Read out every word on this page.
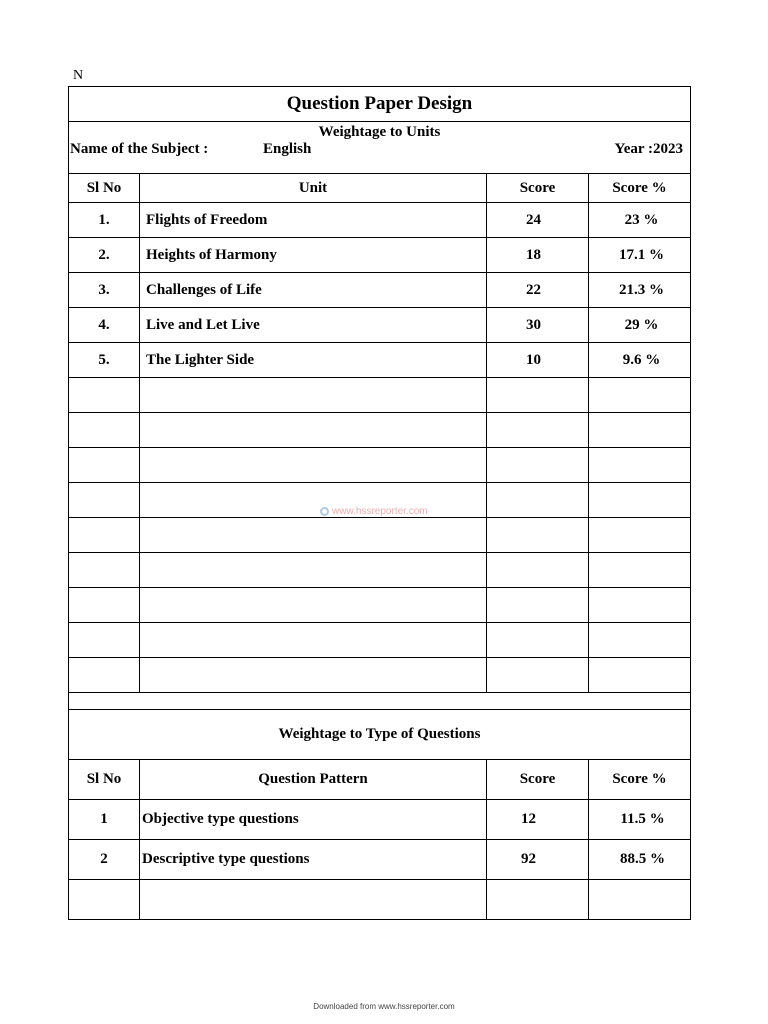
N
Question Paper Design
Weightage to Units
Name of the Subject :	English	Year :2023
Sl No	Unit	Score	Score %
1.	Flights of Freedom	24	23 %
2.	Heights of Harmony	18	17.1 %
3.	Challenges of Life	22	21.3 %
4.	Live and Let Live	30	29 %
5.	The Lighter Side	10	9.6 %

Weightage to Type of Questions
Sl No	Question Pattern	Score	Score %
1	Objective type questions	12	11.5 %
2	Descriptive type questions	92	88.5 %

www.hssreporter.com
Downloaded from www.hssreporter.com
